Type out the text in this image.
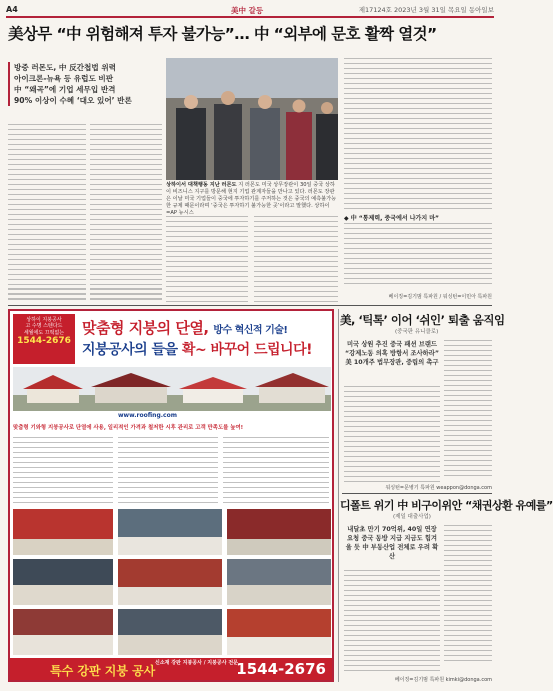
A4	美中 갈등	제17124호 2023년 3월 31일 목요일 동아일보
美상무 “中 위험해져 투자 불가능”… 中 “외부에 문호 활짝 열것”
방중 러몬도, 中 反간첩법 위력
아이크론-뉴욕 등 유럽도 비판
中 “왜곡”에 기업 세무입 반격
90% 이상이 수혜 ‘대오 있어’ 반론
상하이서 대책행동 지난 러몬도 지 러몬도 미국 상무장관이 30일 중국 상하이 비즈니스 지구를 방문해 현지 기업 관계자들을 만나고 있다. 러몬도 장관은 이날 미국 기업들이 중국에 투자하기를 주저하는 것은 중국의 예측불가능한 규제 때문이라며 ‘중국은 투자하기 불가능한 곳’이라고 말했다. 상하이=AP 뉴시스
◆ 中 “통제력, 중국에서 나가지 마”
베이징=김기범 특파원 / 워싱턴=이민아 특파원
상하이 지붕공사
고 수명 스텐다드
세월에도 끄떡없는
1544-2676
맞춤형 지붕의 단열, 방수 혁신적 기술!
지붕공사의 들을 확~ 바꾸어 드립니다!
www.roofing.com
맞춤형 기와형 지붕공사로 단열에 사용, 일리적인 가격과 철저한 시후 관리로 고객 만족도를 높여!
특수 강판 지붕 공사
신소재 강판 지붕공사 / 지붕공사 전문
1544-2676
美, ‘틱톡’ 이어 ‘쉬인’ 퇴출 움직임
(중국판 유니클로)
미국 상원 추진 중국 패션 브랜드 “강제노동 의혹 방항서 조사하라” 美 10개주 법무장관, 중립의 촉구
워싱턴=문병기 특파원 weappon@donga.com
디폴트 위기 中 비구이위안 “채권상환 유예를”
(제일 대출사업)
내달초 만기 70억위, 40일 연장 요청 중국 동방 지급 지금도 힘겨울 듯 中 부동산업 전체로 우려 확산
베이징=김기범 특파원 kimki@donga.com
